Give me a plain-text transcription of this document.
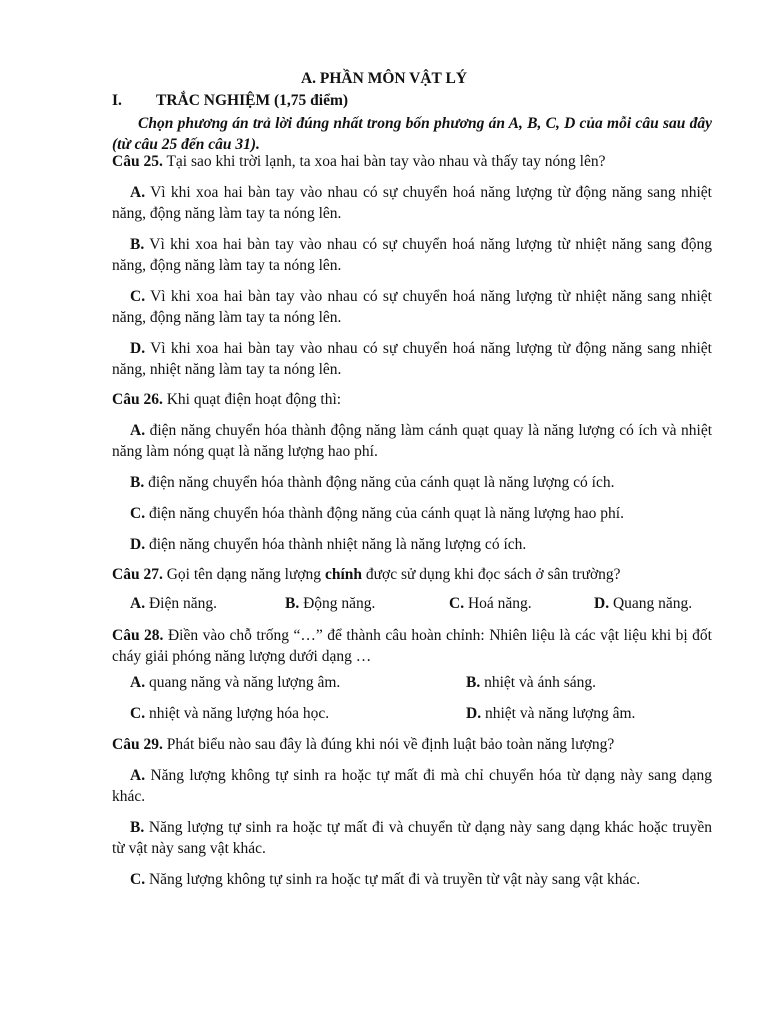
A. PHẦN MÔN VẬT LÝ
I. TRẮC NGHIỆM (1,75 điểm)
Chọn phương án trả lời đúng nhất trong bốn phương án A, B, C, D của mỗi câu sau đây (từ câu 25 đến câu 31).
Câu 25. Tại sao khi trời lạnh, ta xoa hai bàn tay vào nhau và thấy tay nóng lên?
A. Vì khi xoa hai bàn tay vào nhau có sự chuyển hoá năng lượng từ động năng sang nhiệt năng, động năng làm tay ta nóng lên.
B. Vì khi xoa hai bàn tay vào nhau có sự chuyển hoá năng lượng từ nhiệt năng sang động năng, động năng làm tay ta nóng lên.
C. Vì khi xoa hai bàn tay vào nhau có sự chuyển hoá năng lượng từ nhiệt năng sang nhiệt năng, động năng làm tay ta nóng lên.
D. Vì khi xoa hai bàn tay vào nhau có sự chuyển hoá năng lượng từ động năng sang nhiệt năng, nhiệt năng làm tay ta nóng lên.
Câu 26. Khi quạt điện hoạt động thì:
A. điện năng chuyển hóa thành động năng làm cánh quạt quay là năng lượng có ích và nhiệt năng làm nóng quạt là năng lượng hao phí.
B. điện năng chuyển hóa thành động năng của cánh quạt là năng lượng có ích.
C. điện năng chuyển hóa thành động năng của cánh quạt là năng lượng hao phí.
D. điện năng chuyển hóa thành nhiệt năng là năng lượng có ích.
Câu 27. Gọi tên dạng năng lượng chính được sử dụng khi đọc sách ở sân trường?
A. Điện năng.	B. Động năng.	C. Hoá năng.	D. Quang năng.
Câu 28. Điền vào chỗ trống “…” để thành câu hoàn chỉnh: Nhiên liệu là các vật liệu khi bị đốt cháy giải phóng năng lượng dưới dạng …
A. quang năng và năng lượng âm.	B. nhiệt và ánh sáng.
C. nhiệt và năng lượng hóa học.	D. nhiệt và năng lượng âm.
Câu 29. Phát biểu nào sau đây là đúng khi nói về định luật bảo toàn năng lượng?
A. Năng lượng không tự sinh ra hoặc tự mất đi mà chỉ chuyển hóa từ dạng này sang dạng khác.
B. Năng lượng tự sinh ra hoặc tự mất đi và chuyển từ dạng này sang dạng khác hoặc truyền từ vật này sang vật khác.
C. Năng lượng không tự sinh ra hoặc tự mất đi và truyền từ vật này sang vật khác.
